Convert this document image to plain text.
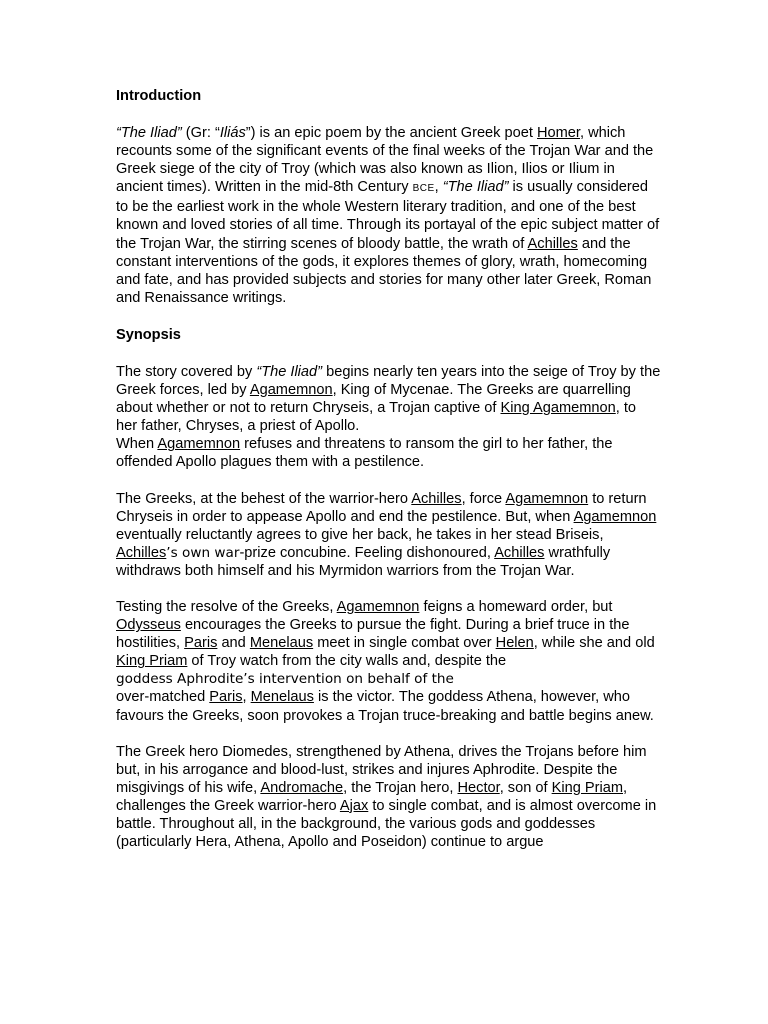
Introduction

“The Iliad” (Gr: “Iliás”) is an epic poem by the ancient Greek poet Homer, which recounts some of the significant events of the final weeks of the Trojan War and the Greek siege of the city of Troy (which was also known as Ilion, Ilios or Ilium in ancient times). Written in the mid-8th Century BCE, “The Iliad” is usually considered to be the earliest work in the whole Western literary tradition, and one of the best known and loved stories of all time. Through its portayal of the epic subject matter of the Trojan War, the stirring scenes of bloody battle, the wrath of Achilles and the constant interventions of the gods, it explores themes of glory, wrath, homecoming and fate, and has provided subjects and stories for many other later Greek, Roman and Renaissance writings.

Synopsis

The story covered by “The Iliad” begins nearly ten years into the seige of Troy by the Greek forces, led by Agamemnon, King of Mycenae. The Greeks are quarrelling about whether or not to return Chryseis, a Trojan captive of King Agamemnon, to her father, Chryses, a priest of Apollo.
When Agamemnon refuses and threatens to ransom the girl to her father, the offended Apollo plagues them with a pestilence.

The Greeks, at the behest of the warrior-hero Achilles, force Agamemnon to return Chryseis in order to appease Apollo and end the pestilence. But, when Agamemnon eventually reluctantly agrees to give her back, he takes in her stead Briseis, Achilles’s own war-prize concubine. Feeling dishonoured, Achilles wrathfully withdraws both himself and his Myrmidon warriors from the Trojan War.

Testing the resolve of the Greeks, Agamemnon feigns a homeward order, but Odysseus encourages the Greeks to pursue the fight. During a brief truce in the hostilities, Paris and Menelaus meet in single combat over Helen, while she and old King Priam of Troy watch from the city walls and, despite the
goddess Aphrodite’s intervention on behalf of the
over-matched Paris, Menelaus is the victor. The goddess Athena, however, who favours the Greeks, soon provokes a Trojan truce-breaking and battle begins anew.

The Greek hero Diomedes, strengthened by Athena, drives the Trojans before him but, in his arrogance and blood-lust, strikes and injures Aphrodite. Despite the misgivings of his wife, Andromache, the Trojan hero, Hector, son of King Priam, challenges the Greek warrior-hero Ajax to single combat, and is almost overcome in battle. Throughout all, in the background, the various gods and goddesses (particularly Hera, Athena, Apollo and Poseidon) continue to argue
